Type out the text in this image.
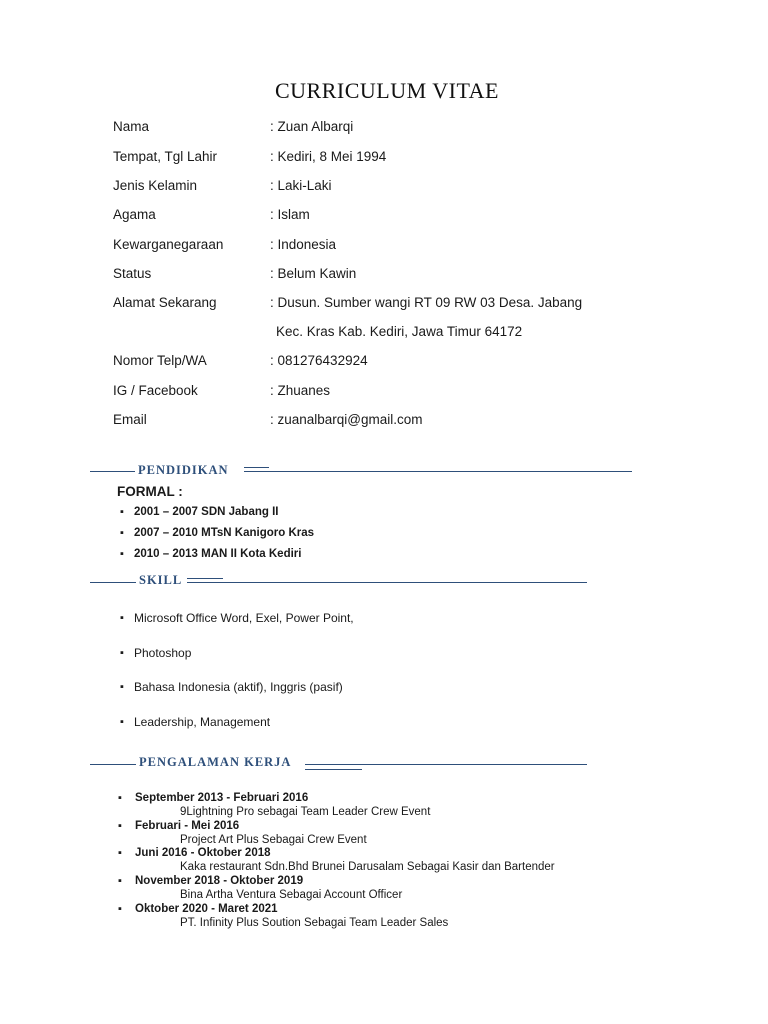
CURRICULUM VITAE
Nama	: Zuan Albarqi
Tempat, Tgl Lahir	: Kediri, 8 Mei 1994
Jenis Kelamin	: Laki-Laki
Agama	: Islam
Kewarganegaraan	: Indonesia
Status	: Belum Kawin
Alamat Sekarang	: Dusun. Sumber wangi RT 09 RW 03 Desa. Jabang
Kec. Kras Kab. Kediri, Jawa Timur 64172
Nomor Telp/WA	: 081276432924
IG / Facebook	: Zhuanes
Email	: zuanalbarqi@gmail.com
PENDIDIKAN
FORMAL :
▪ 2001 – 2007 SDN Jabang II
▪ 2007 – 2010 MTsN Kanigoro Kras
▪ 2010 – 2013 MAN II Kota Kediri
SKILL
▪ Microsoft Office Word, Exel, Power Point,
▪ Photoshop
▪ Bahasa Indonesia (aktif), Inggris (pasif)
▪ Leadership, Management
PENGALAMAN KERJA
▪ September 2013 - Februari 2016
9Lightning Pro sebagai Team Leader Crew Event
▪ Februari - Mei 2016
Project Art Plus Sebagai Crew Event
▪ Juni 2016 - Oktober 2018
Kaka restaurant Sdn.Bhd Brunei Darusalam Sebagai Kasir dan Bartender
▪ November 2018 - Oktober 2019
Bina Artha Ventura Sebagai Account Officer
▪ Oktober 2020 - Maret 2021
PT. Infinity Plus Soution Sebagai Team Leader Sales
